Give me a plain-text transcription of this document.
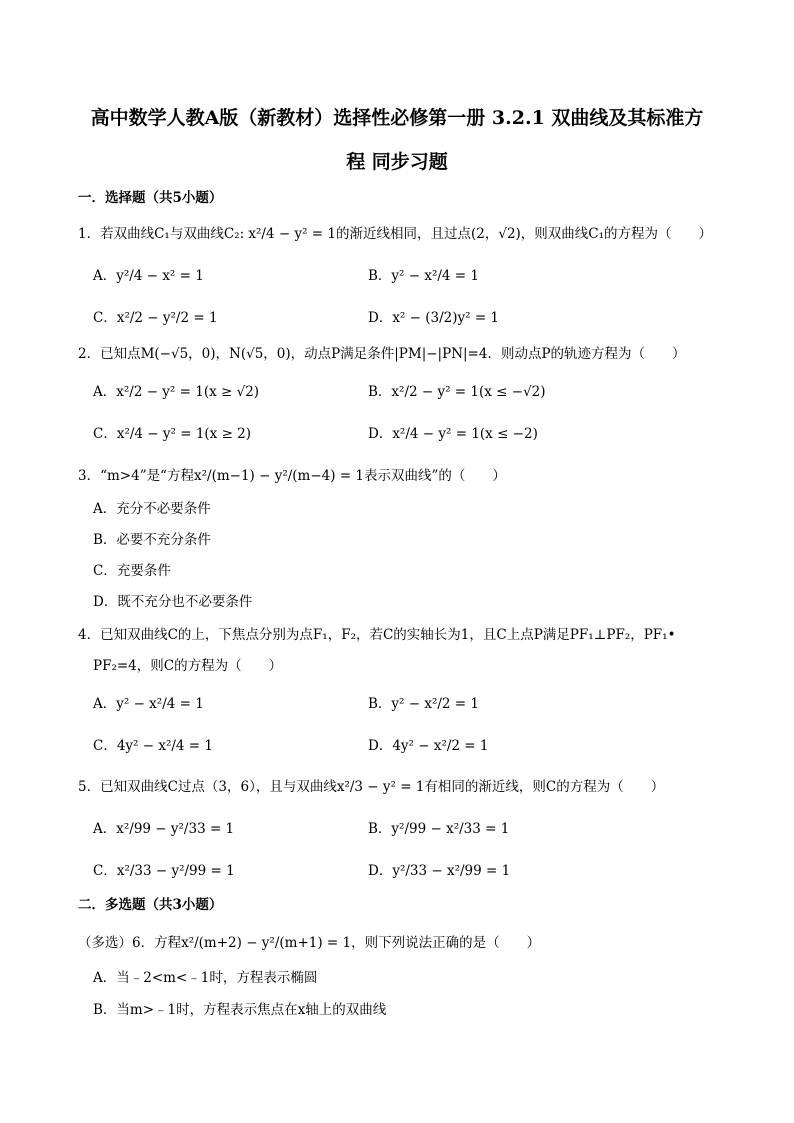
高中数学人教A版（新教材）选择性必修第一册 3.2.1 双曲线及其标准方
程 同步习题
一．选择题（共5小题）
1．若双曲线C₁与双曲线C₂: x²/4 − y² = 1的渐近线相同，且过点(2，√2)，则双曲线C₁的方程为（　　）
A．y²/4 − x² = 1	B．y² − x²/4 = 1
C．x²/2 − y²/2 = 1	D．x² − (3/2)y² = 1
2．已知点M(−√5，0)，N(√5，0)，动点P满足条件|PM|−|PN|=4．则动点P的轨迹方程为（　　）
A．x²/2 − y² = 1(x ≥ √2)	B．x²/2 − y² = 1(x ≤ −√2)
C．x²/4 − y² = 1(x ≥ 2)	D．x²/4 − y² = 1(x ≤ −2)
3．“m>4”是“方程x²/(m−1) − y²/(m−4) = 1表示双曲线”的（　　）
A．充分不必要条件
B．必要不充分条件
C．充要条件
D．既不充分也不必要条件
4．已知双曲线C的上，下焦点分别为点F₁，F₂，若C的实轴长为1，且C上点P满足PF₁⊥PF₂，PF₁•
PF₂=4，则C的方程为（　　）
A．y² − x²/4 = 1	B．y² − x²/2 = 1
C．4y² − x²/4 = 1	D．4y² − x²/2 = 1
5．已知双曲线C过点（3，6），且与双曲线x²/3 − y² = 1有相同的渐近线，则C的方程为（　　）
A．x²/99 − y²/33 = 1	B．y²/99 − x²/33 = 1
C．x²/33 − y²/99 = 1	D．y²/33 − x²/99 = 1
二．多选题（共3小题）
（多选）6．方程x²/(m+2) − y²/(m+1) = 1，则下列说法正确的是（　　）
A．当﹣2<m<﹣1时，方程表示椭圆
B．当m>﹣1时，方程表示焦点在x轴上的双曲线
